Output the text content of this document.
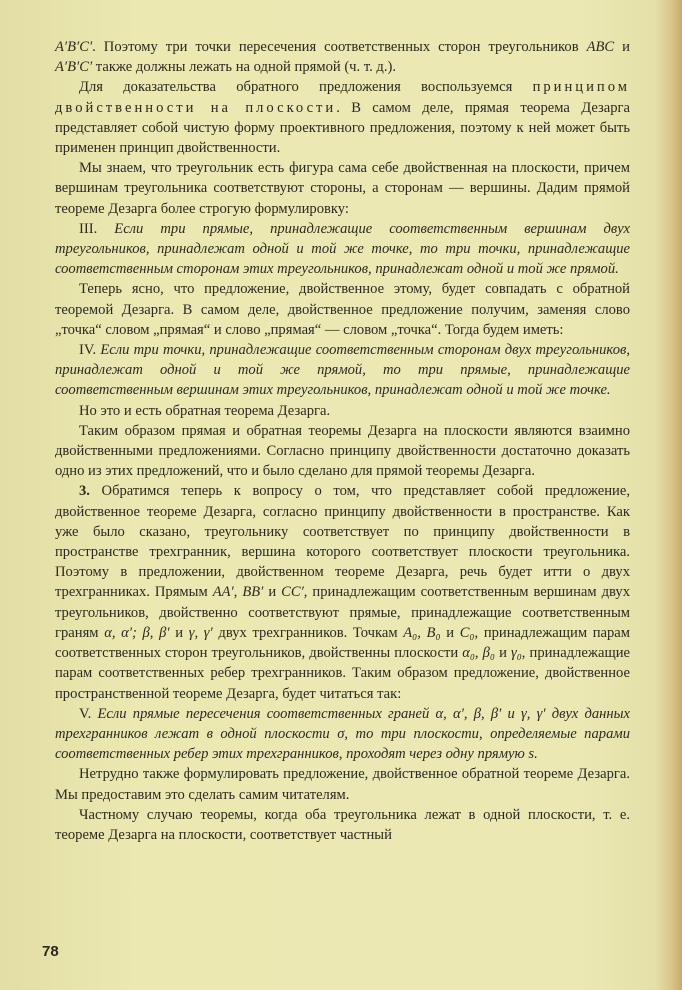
A′B′C′. Поэтому три точки пересечения соответственных сторон треугольников ABC и A′B′C′ также должны лежать на одной прямой (ч. т. д.).

Для доказательства обратного предложения воспользуемся принципом двойственности на плоскости. В самом деле, прямая теорема Дезарга представляет собой чистую форму проективного предложения, поэтому к ней может быть применен принцип двойственности.

Мы знаем, что треугольник есть фигура сама себе двойственная на плоскости, причем вершинам треугольника соответствуют стороны, а сторонам — вершины. Дадим прямой теореме Дезарга более строгую формулировку:

III. Если три прямые, принадлежащие соответственным вершинам двух треугольников, принадлежат одной и той же точке, то три точки, принадлежащие соответственным сторонам этих треугольников, принадлежат одной и той же прямой.

Теперь ясно, что предложение, двойственное этому, будет совпадать с обратной теоремой Дезарга. В самом деле, двойственное предложение получим, заменяя слово „точка“ словом „прямая“ и слово „прямая“ — словом „точка“. Тогда будем иметь:

IV. Если три точки, принадлежащие соответственным сторонам двух треугольников, принадлежат одной и той же прямой, то три прямые, принадлежащие соответственным вершинам этих треугольников, принадлежат одной и той же точке.

Но это и есть обратная теорема Дезарга.

Таким образом прямая и обратная теоремы Дезарга на плоскости являются взаимно двойственными предложениями. Согласно принципу двойственности достаточно доказать одно из этих предложений, что и было сделано для прямой теоремы Дезарга.

3. Обратимся теперь к вопросу о том, что представляет собой предложение, двойственное теореме Дезарга, согласно принципу двойственности в пространстве. Как уже было сказано, треугольнику соответствует по принципу двойственности в пространстве трехгранник, вершина которого соответствует плоскости треугольника. Поэтому в предложении, двойственном теореме Дезарга, речь будет итти о двух трехгранниках. Прямым AA′, BB′ и CC′, принадлежащим соответственным вершинам двух треугольников, двойственно соответствуют прямые, принадлежащие соответственным граням α, α′; β, β′ и γ, γ′ двух трехгранников. Точкам A₀, B₀ и C₀, принадлежащим парам соответственных сторон треугольников, двойственны плоскости α₀, β₀ и γ₀, принадлежащие парам соответственных ребер трехгранников. Таким образом предложение, двойственное пространственной теореме Дезарга, будет читаться так:

V. Если прямые пересечения соответственных граней α, α′, β, β′ и γ, γ′ двух данных трехгранников лежат в одной плоскости σ, то три плоскости, определяемые парами соответственных ребер этих трехгранников, проходят через одну прямую s.

Нетрудно также формулировать предложение, двойственное обратной теореме Дезарга. Мы предоставим это сделать самим читателям.

Частному случаю теоремы, когда оба треугольника лежат в одной плоскости, т. е. теореме Дезарга на плоскости, соответствует частный

78
